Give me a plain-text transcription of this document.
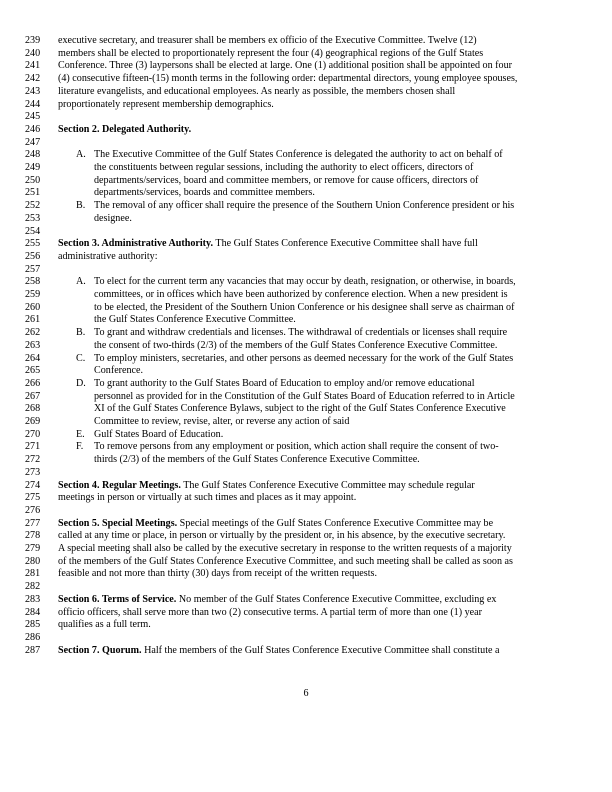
239	executive secretary, and treasurer shall be members ex officio of the Executive Committee. Twelve (12)
240	members shall be elected to proportionately represent the four (4) geographical regions of the Gulf States
241	Conference. Three (3) laypersons shall be elected at large. One (1) additional position shall be appointed on four
242	(4) consecutive fifteen-(15) month terms in the following order: departmental directors, young employee spouses,
243	literature evangelists, and educational employees. As nearly as possible, the members chosen shall
244	proportionately represent membership demographics.
245
246	Section 2. Delegated Authority.
247
248	A. The Executive Committee of the Gulf States Conference is delegated the authority to act on behalf of
249	the constituents between regular sessions, including the authority to elect officers, directors of
250	departments/services, board and committee members, or remove for cause officers, directors of
251	departments/services, boards and committee members.
252	B. The removal of any officer shall require the presence of the Southern Union Conference president or his
253	designee.
254
255	Section 3. Administrative Authority. The Gulf States Conference Executive Committee shall have full
256	administrative authority:
257
258	A. To elect for the current term any vacancies that may occur by death, resignation, or otherwise, in boards,
259	committees, or in offices which have been authorized by conference election. When a new president is
260	to be elected, the President of the Southern Union Conference or his designee shall serve as chairman of
261	the Gulf States Conference Executive Committee.
262	B. To grant and withdraw credentials and licenses. The withdrawal of credentials or licenses shall require
263	the consent of two-thirds (2/3) of the members of the Gulf States Conference Executive Committee.
264	C. To employ ministers, secretaries, and other persons as deemed necessary for the work of the Gulf States
265	Conference.
266	D. To grant authority to the Gulf States Board of Education to employ and/or remove educational
267	personnel as provided for in the Constitution of the Gulf States Board of Education referred to in Article
268	XI of the Gulf States Conference Bylaws, subject to the right of the Gulf States Conference Executive
269	Committee to review, revise, alter, or reverse any action of said
270	E. Gulf States Board of Education.
271	F. To remove persons from any employment or position, which action shall require the consent of two-
272	thirds (2/3) of the members of the Gulf States Conference Executive Committee.
273
274	Section 4. Regular Meetings. The Gulf States Conference Executive Committee may schedule regular
275	meetings in person or virtually at such times and places as it may appoint.
276
277	Section 5. Special Meetings. Special meetings of the Gulf States Conference Executive Committee may be
278	called at any time or place, in person or virtually by the president or, in his absence, by the executive secretary.
279	A special meeting shall also be called by the executive secretary in response to the written requests of a majority
280	of the members of the Gulf States Conference Executive Committee, and such meeting shall be called as soon as
281	feasible and not more than thirty (30) days from receipt of the written requests.
282
283	Section 6. Terms of Service. No member of the Gulf States Conference Executive Committee, excluding ex
284	officio officers, shall serve more than two (2) consecutive terms. A partial term of more than one (1) year
285	qualifies as a full term.
286
287	Section 7. Quorum. Half the members of the Gulf States Conference Executive Committee shall constitute a
6
